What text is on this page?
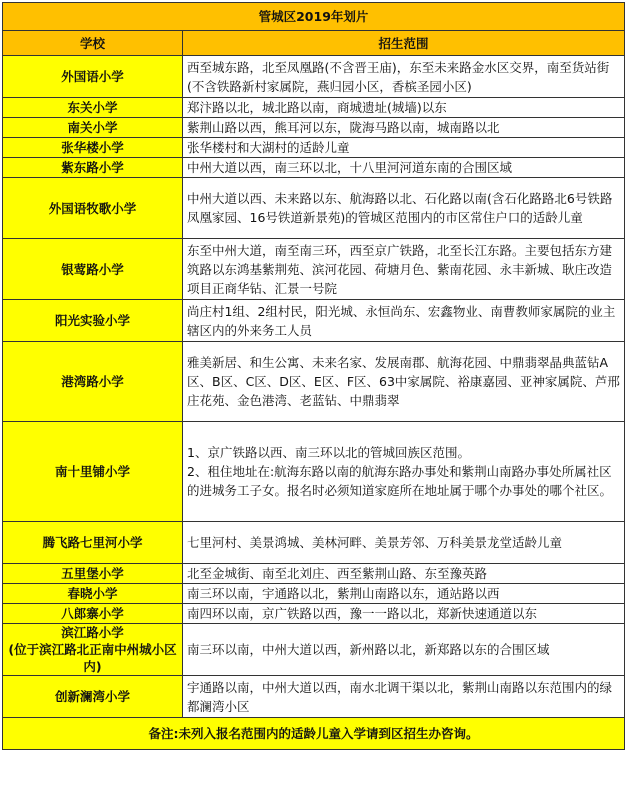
管城区2019年划片	
学校	招生范围
外国语小学	西至城东路，北至凤凰路(不含晋王庙)，东至未来路金水区交界，南至货站街(不含铁路新村家属院，燕归园小区，香槟圣园小区)
东关小学	郑汴路以北，城北路以南，商城遗址(城墙)以东
南关小学	紫荆山路以西，熊耳河以东，陇海马路以南，城南路以北
张华楼小学	张华楼村和大湖村的适龄儿童
紫东路小学	中州大道以西，南三环以北，十八里河河道东南的合围区域
外国语牧歌小学	中州大道以西、未来路以东、航海路以北、石化路以南(含石化路路北6号铁路凤凰家园、16号铁道新景苑)的管城区范围内的市区常住户口的适龄儿童
银莺路小学	东至中州大道，南至南三环，西至京广铁路，北至长江东路。主要包括东方建筑路以东鸿基紫荆苑、滨河花园、荷塘月色、紫南花园、永丰新城、耿庄改造项目正商华钻、汇景一号院
阳光实验小学	尚庄村1组、2组村民，阳光城、永恒尚东、宏鑫物业、南曹教师家属院的业主辖区内的外来务工人员
港湾路小学	雅美新居、和生公寓、未来名家、发展南郡、航海花园、中鼎翡翠晶典蓝钻A区、B区、C区、D区、E区、F区、63中家属院、裕康嘉园、亚神家属院、芦邢庄花苑、金色港湾、老蓝钻、中鼎翡翠
南十里铺小学	1、京广铁路以西、南三环以北的管城回族区范围。
2、租住地址在:航海东路以南的航海东路办事处和紫荆山南路办事处所属社区的进城务工子女。报名时必须知道家庭所在地址属于哪个办事处的哪个社区。
腾飞路七里河小学	七里河村、美景鸿城、美林河畔、美景芳邻、万科美景龙堂适龄儿童
五里堡小学	北至金城街、南至北刘庄、西至紫荆山路、东至豫英路
春晓小学	南三环以南，宇通路以北，紫荆山南路以东，通站路以西
八郎寨小学	南四环以南，京广铁路以西，豫一一路以北，郑新快速通道以东

滨江路小学
(位于滨江路北正南中州城小区内)	南三环以南，中州大道以西，新州路以北，新郑路以东的合围区域
创新澜湾小学	宇通路以南，中州大道以西，南水北调干渠以北，紫荆山南路以东范围内的绿都澜湾小区
备注:未列入报名范围内的适龄儿童入学请到区招生办咨询。	
